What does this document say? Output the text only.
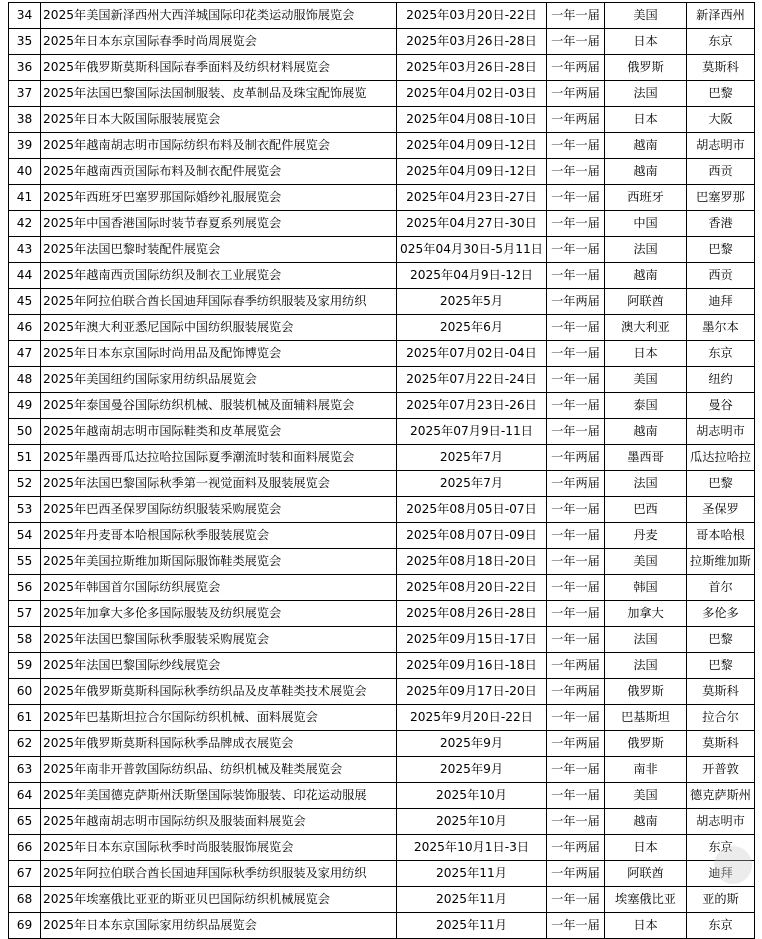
34	2025年美国新泽西州大西洋城国际印花类运动服饰展览会	2025年03月20日-22日	一年一届	美国	新泽西州
35	2025年日本东京国际春季时尚周展览会	2025年03月26日-28日	一年一届	日本	东京
36	2025年俄罗斯莫斯科国际春季面料及纺织材料展览会	2025年03月26日-28日	一年两届	俄罗斯	莫斯科
37	2025年法国巴黎国际法国制服装、皮革制品及珠宝配饰展览	2025年04月02日-03日	一年两届	法国	巴黎
38	2025年日本大阪国际服装展览会	2025年04月08日-10日	一年两届	日本	大阪
39	2025年越南胡志明市国际纺织布料及制衣配件展览会	2025年04月09日-12日	一年一届	越南	胡志明市
40	2025年越南西贡国际布料及制衣配件展览会	2025年04月09日-12日	一年一届	越南	西贡
41	2025年西班牙巴塞罗那国际婚纱礼服展览会	2025年04月23日-27日	一年一届	西班牙	巴塞罗那
42	2025年中国香港国际时装节春夏系列展览会	2025年04月27日-30日	一年一届	中国	香港
43	2025年法国巴黎时装配件展览会	025年04月30日-5月11日	一年一届	法国	巴黎
44	2025年越南西贡国际纺织及制衣工业展览会	2025年04月9日-12日	一年一届	越南	西贡
45	2025年阿拉伯联合酋长国迪拜国际春季纺织服装及家用纺织	2025年5月	一年两届	阿联酋	迪拜
46	2025年澳大利亚悉尼国际中国纺织服装展览会	2025年6月	一年一届	澳大利亚	墨尔本
47	2025年日本东京国际时尚用品及配饰博览会	2025年07月02日-04日	一年一届	日本	东京
48	2025年美国纽约国际家用纺织品展览会	2025年07月22日-24日	一年一届	美国	纽约
49	2025年泰国曼谷国际纺织机械、服装机械及面辅料展览会	2025年07月23日-26日	一年一届	泰国	曼谷
50	2025年越南胡志明市国际鞋类和皮革展览会	2025年07月9日-11日	一年一届	越南	胡志明市
51	2025年墨西哥瓜达拉哈拉国际夏季潮流时装和面料展览会	2025年7月	一年两届	墨西哥	瓜达拉哈拉
52	2025年法国巴黎国际秋季第一视觉面料及服装展览会	2025年7月	一年两届	法国	巴黎
53	2025年巴西圣保罗国际纺织服装采购展览会	2025年08月05日-07日	一年一届	巴西	圣保罗
54	2025年丹麦哥本哈根国际秋季服装展览会	2025年08月07日-09日	一年一届	丹麦	哥本哈根
55	2025年美国拉斯维加斯国际服饰鞋类展览会	2025年08月18日-20日	一年一届	美国	拉斯维加斯
56	2025年韩国首尔国际纺织展览会	2025年08月20日-22日	一年一届	韩国	首尔
57	2025年加拿大多伦多国际服装及纺织展览会	2025年08月26日-28日	一年一届	加拿大	多伦多
58	2025年法国巴黎国际秋季服装采购展览会	2025年09月15日-17日	一年一届	法国	巴黎
59	2025年法国巴黎国际纱线展览会	2025年09月16日-18日	一年两届	法国	巴黎
60	2025年俄罗斯莫斯科国际秋季纺织品及皮革鞋类技术展览会	2025年09月17日-20日	一年两届	俄罗斯	莫斯科
61	2025年巴基斯坦拉合尔国际纺织机械、面料展览会	2025年9月20日-22日	一年一届	巴基斯坦	拉合尔
62	2025年俄罗斯莫斯科国际秋季品牌成衣展览会	2025年9月	一年两届	俄罗斯	莫斯科
63	2025年南非开普敦国际纺织品、纺织机械及鞋类展览会	2025年9月	一年一届	南非	开普敦
64	2025年美国德克萨斯州沃斯堡国际装饰服装、印花运动服展	2025年10月	一年一届	美国	德克萨斯州
65	2025年越南胡志明市国际纺织及服装面料展览会	2025年10月	一年一届	越南	胡志明市
66	2025年日本东京国际秋季时尚服装服饰展览会	2025年10月1日-3日	一年两届	日本	东京
67	2025年阿拉伯联合酋长国迪拜国际秋季纺织服装及家用纺织	2025年11月	一年两届	阿联酋	迪拜
68	2025年埃塞俄比亚亚的斯亚贝巴国际纺织机械展览会	2025年11月	一年一届	埃塞俄比亚	亚的斯
69	2025年日本东京国际家用纺织品展览会	2025年11月	一年一届	日本	东京
